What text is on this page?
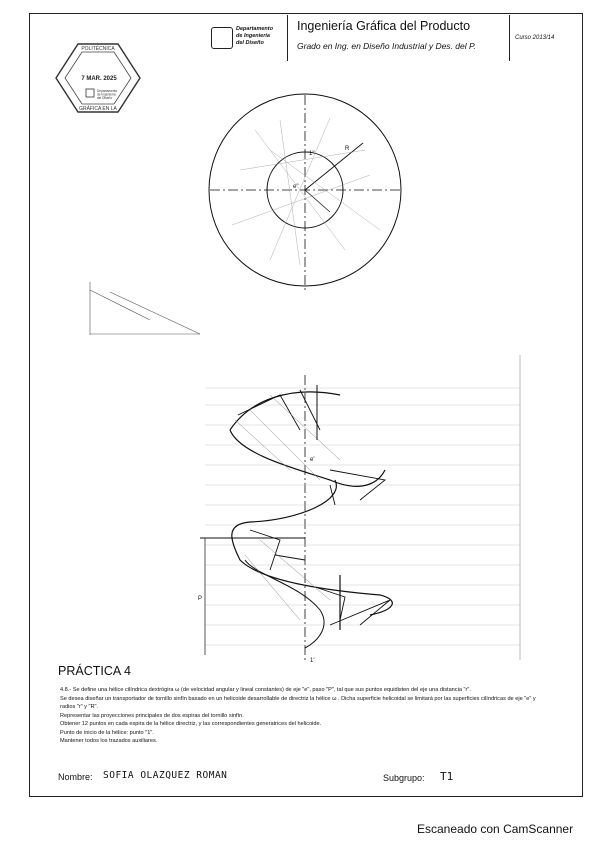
Departamento
de Ingeniería
del Diseño
Ingeniería Gráfica del Producto
Grado en Ing. en Diseño Industrial y Des. del P.
Curso 2013/14
POLITÉCNICA
7 MAR. 2025
Departamento
de Ingeniería
del Diseño
GRÁFICA EN LA
1''
e''
R
e'
1'
P
PRÁCTICA 4

4.8.- Se define una hélice cilíndrica dextrógira ω (de velocidad angular y lineal constantes) de eje "e", paso "P", tal que sus puntos equidisten del eje una distancia "r".

Se desea diseñar un transportador de tornillo sinfín basado en un helicoide desarrollable de directriz la hélice ω . Dicha superficie helicoidal se limitará por las superficies cilíndricas de eje "e" y radios "r" y "R".

Representar las proyecciones principales de dos espiras del tornillo sinfín.

Obtener 12 puntos en cada espira de la hélice directriz, y las correspondientes generatrices del helicoide.

Punto de inicio de la hélice: punto "1".

Mantener todos los trazados auxiliares.

Nombre: SOFIA OLAZQUEZ ROMAN	Subgrupo: T1
Escaneado con CamScanner
